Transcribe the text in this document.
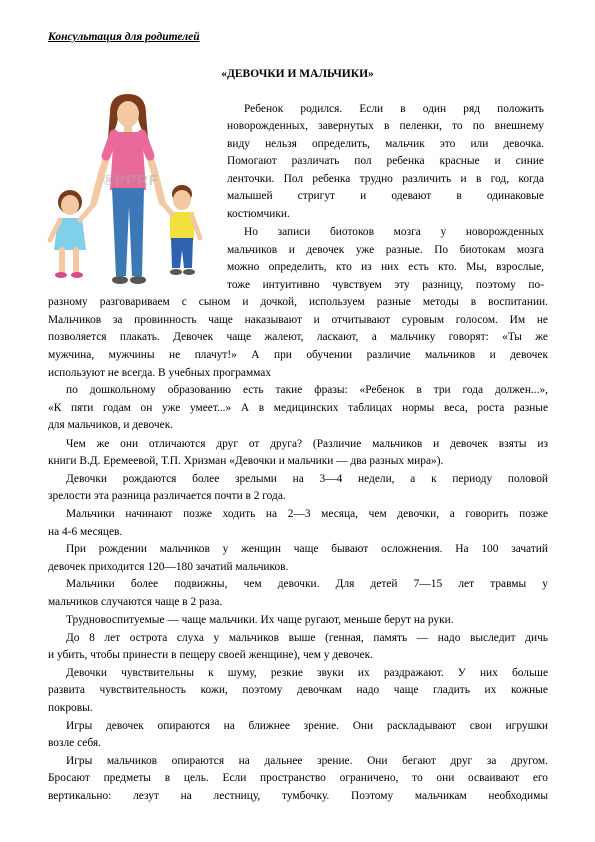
Консультация для родителей
«ДЕВОЧКИ И МАЛЬЧИКИ»
®PPRF
Ребенок родился. Если в один ряд положить
новорожденных, завернутых в пеленки, то по внешнему
виду нельзя определить, мальчик это или девочка.
Помогают различать пол ребенка красные и синие
ленточки. Пол ребенка трудно различить и в год, когда
малышей стригут и одевают в одинаковые
костюмчики.
Но записи биотоков мозга у новорожденных
мальчиков и девочек уже разные. По биотокам мозга
можно определить, кто из них есть кто. Мы, взрослые,
тоже интуитивно чувствуем эту разницу, поэтому по-
разному разговариваем с сыном и дочкой, используем разные методы в воспитании.
Мальчиков за провинность чаще наказывают и отчитывают суровым голосом. Им не
позволяется плакать. Девочек чаще жалеют, ласкают, а мальчику говорят: «Ты же
мужчина, мужчины не плачут!» А при обучении различие мальчиков и девочек
используют не всегда. В учебных программах
по дошкольному образованию есть такие фразы: «Ребенок в три года должен...»,
«К пяти годам он уже умеет...» А в медицинских таблицах нормы веса, роста разные
для мальчиков, и девочек.
Чем же они отличаются друг от друга? (Различие мальчиков и девочек взяты из
книги В.Д. Еремеевой, Т.П. Хризман «Девочки и мальчики — два разных мира»).
Девочки рождаются более зрелыми на 3—4 недели, а к периоду половой
зрелости эта разница различается почти в 2 года.
Мальчики начинают позже ходить на 2—3 месяца, чем девочки, а говорить позже
на 4-6 месяцев.
При рождении мальчиков у женщин чаще бывают осложнения. На 100 зачатий
девочек приходится 120—180 зачатий мальчиков.
Мальчики более подвижны, чем девочки. Для детей 7—15 лет травмы у
мальчиков случаются чаще в 2 раза.
Трудновоспитуемые — чаще мальчики. Их чаще ругают, меньше берут на руки.
До 8 лет острота слуха у мальчиков выше (генная, память — надо выследит дичь
и убить, чтобы принести в пещеру своей женщине), чем у девочек.
Девочки чувствительны к шуму, резкие звуки их раздражают. У них больше
развита чувствительность кожи, поэтому девочкам надо чаще гладить их кожные
покровы.
Игры девочек опираются на ближнее зрение. Они раскладывают свои игрушки
возле себя.
Игры мальчиков опираются на дальнее зрение. Они бегают друг за другом.
Бросают предметы в цель. Если пространство ограничено, то они осваивают его
вертикально: лезут на лестницу, тумбочку. Поэтому мальчикам необходимы
